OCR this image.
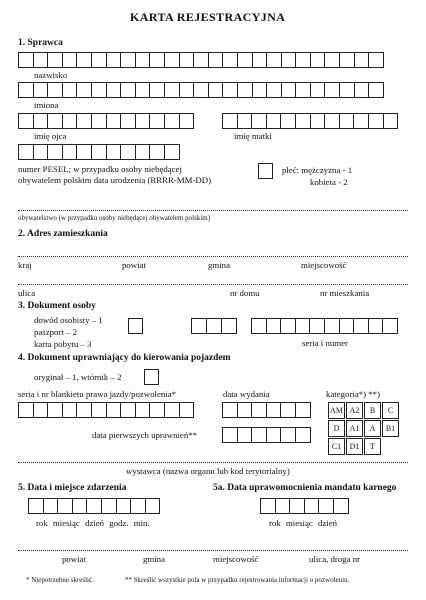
KARTA REJESTRACYJNA
1. Sprawca
nazwisko
imiona
imię ojca	imię matki
numer PESEL; w przypadku osoby niebędącej
obywatelem polskim data urodzenia (RRRR-MM-DD)
płeć: mężczyzna - 1
kobieta - 2
obywatelstwo (w przypadku osoby niebędącej obywatelem polskim)
2. Adres zamieszkania
kraj	powiat	gmina	miejscowość
ulica	nr domu	nr mieszkania
3. Dokument osoby
dowód osobisty – 1
paszport – 2
karta pobytu – 3	seria i numer
4. Dokument uprawniający do kierowania pojazdem
oryginał – 1, wtórnik – 2
seria i nr blankietu prawa jazdy/pozwolenia*	data wydania	kategoria*) **)
AM A2	B	C
D	A1	A	B1
C1	D1	T
data pierwszych uprawnień**
wystawca (nazwa organu lub kod terytorialny)
5. Data i miejsce zdarzenia	5a. Data uprawomocnienia mandatu karnego
rok miesiąc dzień godz. min.	rok miesiąc dzień
powiat	gmina	miejscowość	ulica, droga nr
* Niepotrzebne skreślić.	** Skreślić wszystkie pola w przypadku rejestrowania informacji o pozwoleniu.
